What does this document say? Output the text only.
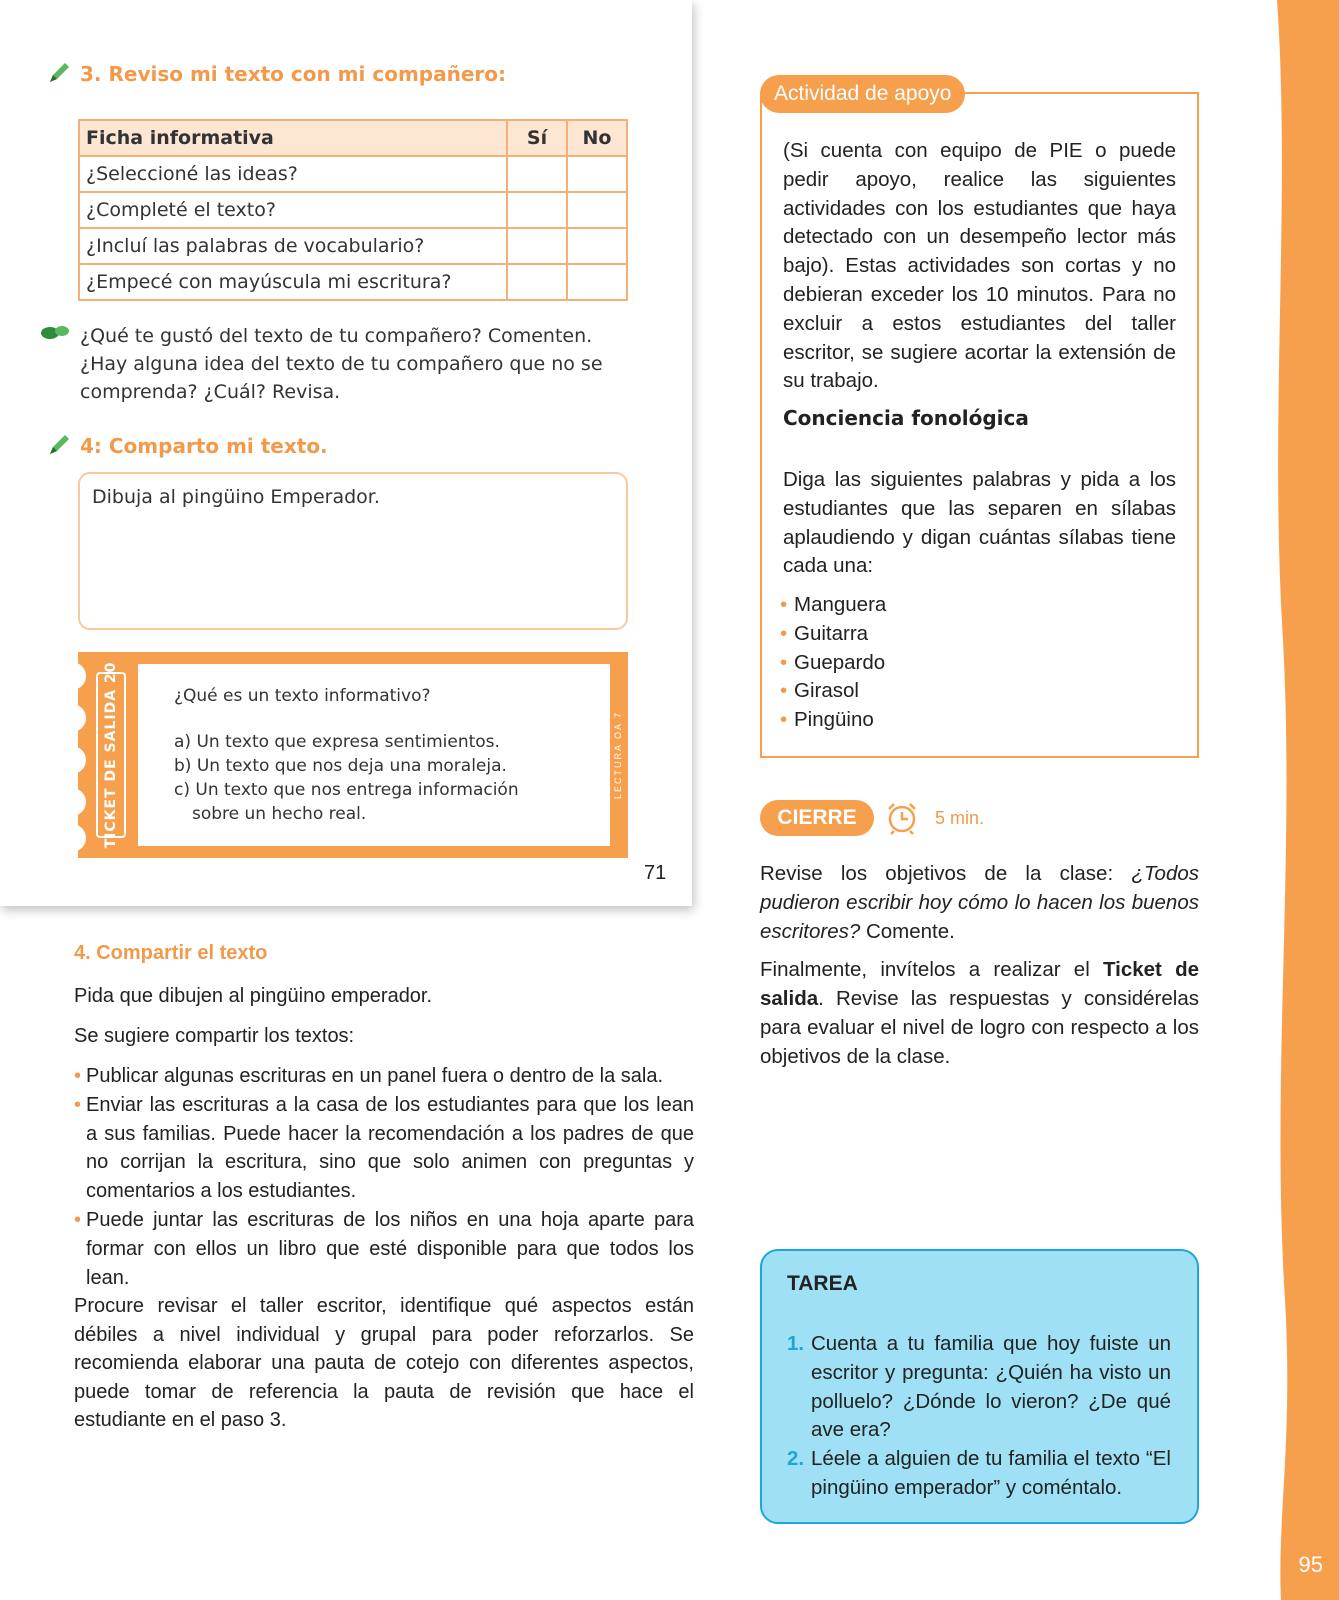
95
3. Reviso mi texto con mi compañero:
Ficha informativa	Sí	No
¿Seleccioné las ideas?		
¿Completé el texto?		
¿Incluí las palabras de vocabulario?		
¿Empecé con mayúscula mi escritura?		
¿Qué te gustó del texto de tu compañero? Comenten.
¿Hay alguna idea del texto de tu compañero que no se
comprenda? ¿Cuál? Revisa.
4: Comparto mi texto.
Dibuja al pingüino Emperador.
TICKET DE SALIDA 20	¿Qué es un texto informativo?
a) Un texto que expresa sentimientos.
b) Un texto que nos deja una moraleja.
c) Un texto que nos entrega información
sobre un hecho real.
LECTURA OA 7
71
4. Compartir el texto
Pida que dibujen al pingüino emperador.
Se sugiere compartir los textos:
• Publicar algunas escrituras en un panel fuera o dentro de la sala.
• Enviar las escrituras a la casa de los estudiantes para que los lean a sus familias. Puede hacer la recomendación a los padres de que no corrijan la escritura, sino que solo animen con preguntas y comentarios a los estudiantes.
• Puede juntar las escrituras de los niños en una hoja aparte para formar con ellos un libro que esté disponible para que todos los lean.
Procure revisar el taller escritor, identifique qué aspectos están débiles a nivel individual y grupal para poder reforzarlos. Se recomienda elaborar una pauta de cotejo con diferentes aspectos, puede tomar de referencia la pauta de revisión que hace el estudiante en el paso 3.
Actividad de apoyo
(Si cuenta con equipo de PIE o puede pedir apoyo, realice las siguientes actividades con los estudiantes que haya detectado con un desempeño lector más bajo). Estas actividades son cortas y no debieran exceder los 10 minutos. Para no excluir a estos estudiantes del taller escritor, se sugiere acortar la extensión de su trabajo.
Conciencia fonológica
Diga las siguientes palabras y pida a los estudiantes que las separen en sílabas aplaudiendo y digan cuántas sílabas tiene cada una:
• Manguera
• Guitarra
• Guepardo
• Girasol
• Pingüino
CIERRE	5 min.

Revise los objetivos de la clase: ¿Todos pudieron escribir hoy cómo lo hacen los buenos escritores? Comente.

Finalmente, invítelos a realizar el Ticket de salida. Revise las respuestas y considérelas para evaluar el nivel de logro con respecto a los objetivos de la clase.

TAREA
1. Cuenta a tu familia que hoy fuiste un escritor y pregunta: ¿Quién ha visto un polluelo? ¿Dónde lo vieron? ¿De qué ave era?
2. Léele a alguien de tu familia el texto “El pingüino emperador” y coméntalo.
